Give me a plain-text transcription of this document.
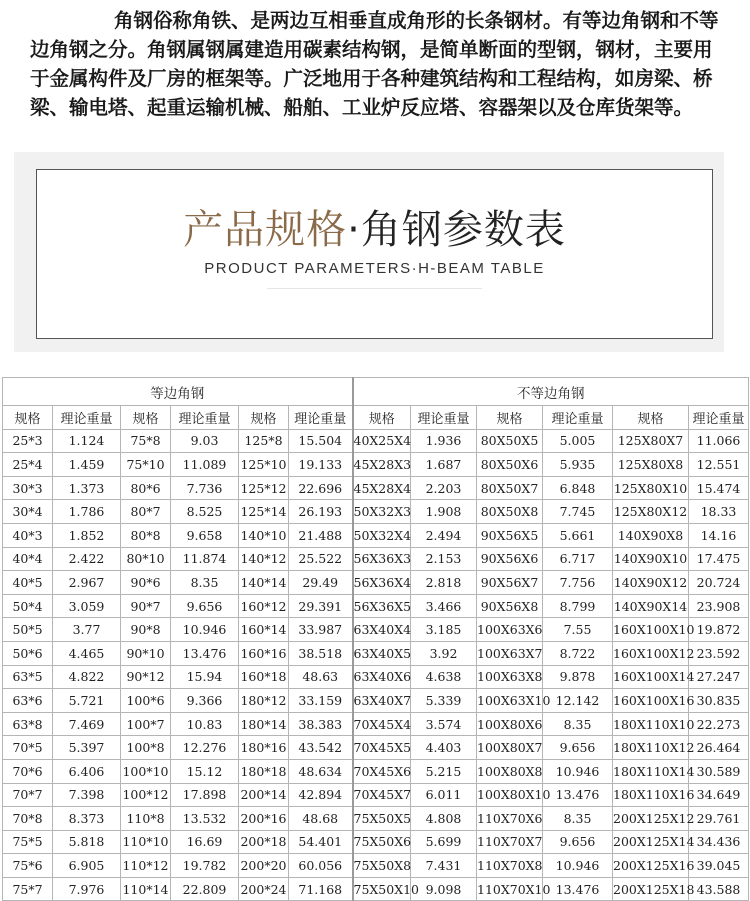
角钢俗称角铁、是两边互相垂直成角形的长条钢材。有等边角钢和不等边角钢之分。角钢属钢属建造用碳素结构钢，是简单断面的型钢，钢材，主要用于金属构件及厂房的框架等。广泛地用于各种建筑结构和工程结构，如房梁、桥梁、输电塔、起重运输机械、船舶、工业炉反应塔、容器架以及仓库货架等。
产品规格·角钢参数表
PRODUCT PARAMETERS·H-BEAM TABLE
等边角钢						不等边角钢					
规格	理论重量	规格	理论重量	规格	理论重量	规格	理论重量	规格	理论重量	规格	理论重量
25*3	1.124	75*8	9.03	125*8	15.504	40X25X4	1.936	80X50X5	5.005	125X80X7	11.066
25*4	1.459	75*10	11.089	125*10	19.133	45X28X3	1.687	80X50X6	5.935	125X80X8	12.551
30*3	1.373	80*6	7.736	125*12	22.696	45X28X4	2.203	80X50X7	6.848	125X80X10	15.474
30*4	1.786	80*7	8.525	125*14	26.193	50X32X3	1.908	80X50X8	7.745	125X80X12	18.33
40*3	1.852	80*8	9.658	140*10	21.488	50X32X4	2.494	90X56X5	5.661	140X90X8	14.16
40*4	2.422	80*10	11.874	140*12	25.522	56X36X3	2.153	90X56X6	6.717	140X90X10	17.475
40*5	2.967	90*6	8.35	140*14	29.49	56X36X4	2.818	90X56X7	7.756	140X90X12	20.724
50*4	3.059	90*7	9.656	160*12	29.391	56X36X5	3.466	90X56X8	8.799	140X90X14	23.908
50*5	3.77	90*8	10.946	160*14	33.987	63X40X4	3.185	100X63X6	7.55	160X100X10	19.872
50*6	4.465	90*10	13.476	160*16	38.518	63X40X5	3.92	100X63X7	8.722	160X100X12	23.592
63*5	4.822	90*12	15.94	160*18	48.63	63X40X6	4.638	100X63X8	9.878	160X100X14	27.247
63*6	5.721	100*6	9.366	180*12	33.159	63X40X7	5.339	100X63X10	12.142	160X100X16	30.835
63*8	7.469	100*7	10.83	180*14	38.383	70X45X4	3.574	100X80X6	8.35	180X110X10	22.273
70*5	5.397	100*8	12.276	180*16	43.542	70X45X5	4.403	100X80X7	9.656	180X110X12	26.464
70*6	6.406	100*10	15.12	180*18	48.634	70X45X6	5.215	100X80X8	10.946	180X110X14	30.589
70*7	7.398	100*12	17.898	200*14	42.894	70X45X7	6.011	100X80X10	13.476	180X110X16	34.649
70*8	8.373	110*8	13.532	200*16	48.68	75X50X5	4.808	110X70X6	8.35	200X125X12	29.761
75*5	5.818	110*10	16.69	200*18	54.401	75X50X6	5.699	110X70X7	9.656	200X125X14	34.436
75*6	6.905	110*12	19.782	200*20	60.056	75X50X8	7.431	110X70X8	10.946	200X125X16	39.045
75*7	7.976	110*14	22.809	200*24	71.168	75X50X10	9.098	110X70X10	13.476	200X125X18	43.588
